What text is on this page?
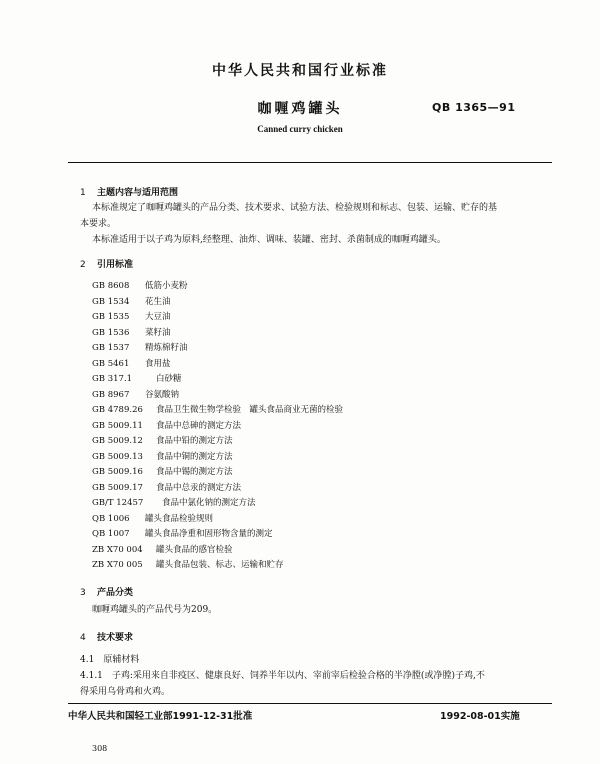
中华人民共和国行业标准
咖喱鸡罐头	QB 1365—91
Canned curry chicken
1 主题内容与适用范围
本标准规定了咖喱鸡罐头的产品分类、技术要求、试验方法、检验规则和标志、包装、运输、贮存的基
本要求。
本标准适用于以子鸡为原料,经整理、油炸、调味、装罐、密封、杀菌制成的咖喱鸡罐头。
2 引用标准
GB 8608 低筋小麦粉
GB 1534 花生油
GB 1535 大豆油
GB 1536 菜籽油
GB 1537 精炼棉籽油
GB 5461 食用盐
GB 317.1	白砂糖
GB 8967 谷氨酸钠
GB 4789.26 食品卫生微生物学检验　罐头食品商业无菌的检验
GB 5009.11 食品中总砷的测定方法
GB 5009.12 食品中铅的测定方法
GB 5009.13 食品中铜的测定方法
GB 5009.16 食品中锡的测定方法
GB 5009.17 食品中总汞的测定方法
GB/T 12457 食品中氯化钠的测定方法
QB 1006 罐头食品检验规则
QB 1007 罐头食品净重和固形物含量的测定
ZB X70 004 罐头食品的感官检验
ZB X70 005 罐头食品包装、标志、运输和贮存
3 产品分类
咖喱鸡罐头的产品代号为209。
4 技术要求
4.1　原辅材料
4.1.1　子鸡:采用来自非疫区、健康良好、饲养半年以内、宰前宰后检验合格的半净膛(或净膛)子鸡,不
得采用乌骨鸡和火鸡。
中华人民共和国轻工业部1991-12-31批准	1992-08-01实施
308
